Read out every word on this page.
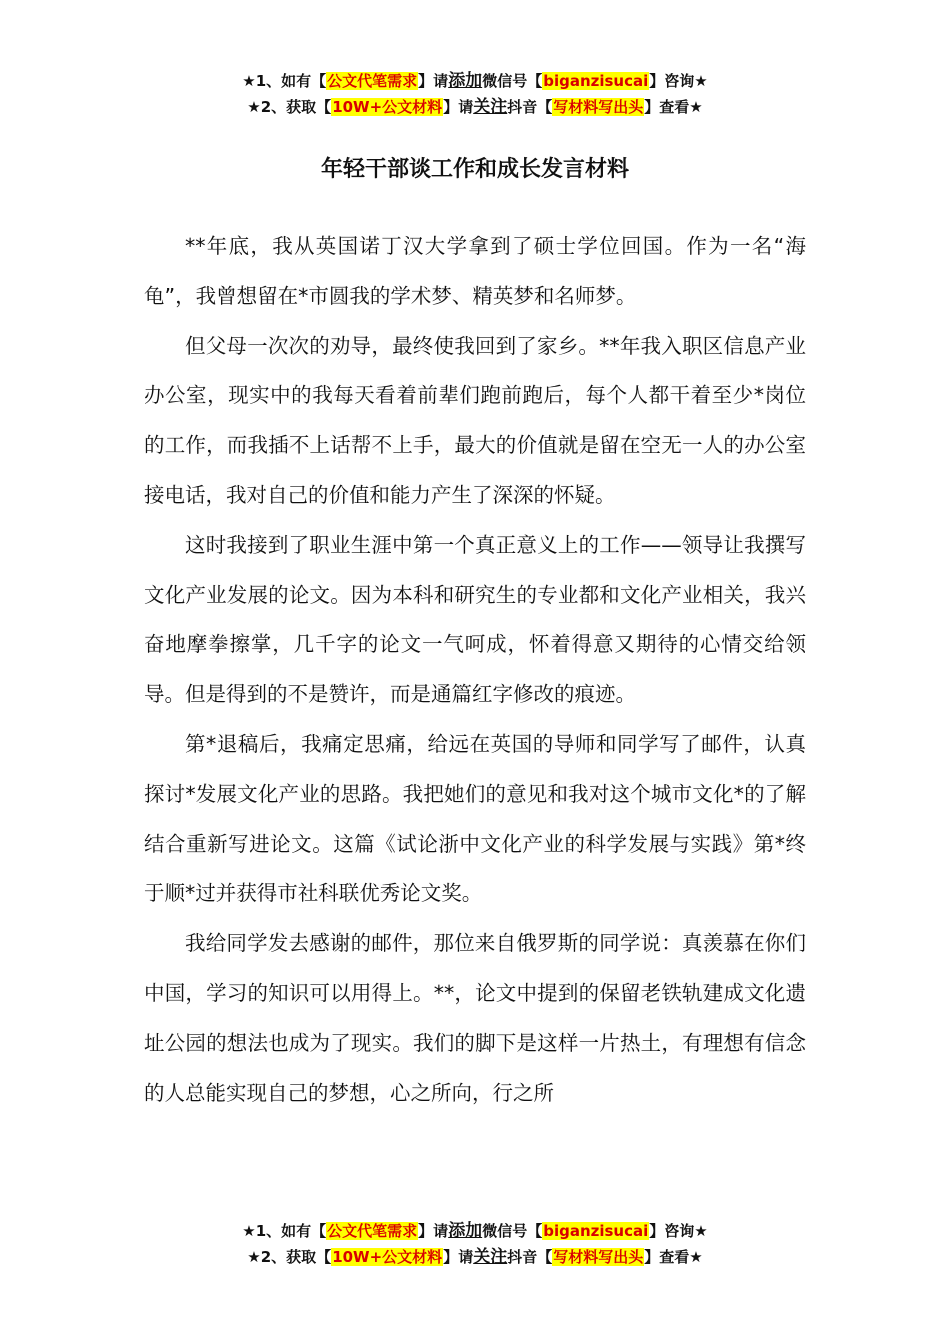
★1、如有【公文代笔需求】请添加微信号【biganzisucai】咨询★
★2、获取【10W+公文材料】请关注抖音【写材料写出头】查看★
年轻干部谈工作和成长发言材料

**年底，我从英国诺丁汉大学拿到了硕士学位回国。作为一名“海龟”，我曾想留在*市圆我的学术梦、精英梦和名师梦。

但父母一次次的劝导，最终使我回到了家乡。**年我入职区信息产业办公室，现实中的我每天看着前辈们跑前跑后，每个人都干着至少*岗位的工作，而我插不上话帮不上手，最大的价值就是留在空无一人的办公室接电话，我对自己的价值和能力产生了深深的怀疑。

这时我接到了职业生涯中第一个真正意义上的工作——领导让我撰写文化产业发展的论文。因为本科和研究生的专业都和文化产业相关，我兴奋地摩拳擦掌，几千字的论文一气呵成，怀着得意又期待的心情交给领导。但是得到的不是赞许，而是通篇红字修改的痕迹。

第*退稿后，我痛定思痛，给远在英国的导师和同学写了邮件，认真探讨*发展文化产业的思路。我把她们的意见和我对这个城市文化*的了解结合重新写进论文。这篇《试论浙中文化产业的科学发展与实践》第*终于顺*过并获得市社科联优秀论文奖。

我给同学发去感谢的邮件，那位来自俄罗斯的同学说：真羡慕在你们中国，学习的知识可以用得上。**，论文中提到的保留老铁轨建成文化遗址公园的想法也成为了现实。我们的脚下是这样一片热土，有理想有信念的人总能实现自己的梦想，心之所向，行之所

★1、如有【公文代笔需求】请添加微信号【biganzisucai】咨询★
★2、获取【10W+公文材料】请关注抖音【写材料写出头】查看★
